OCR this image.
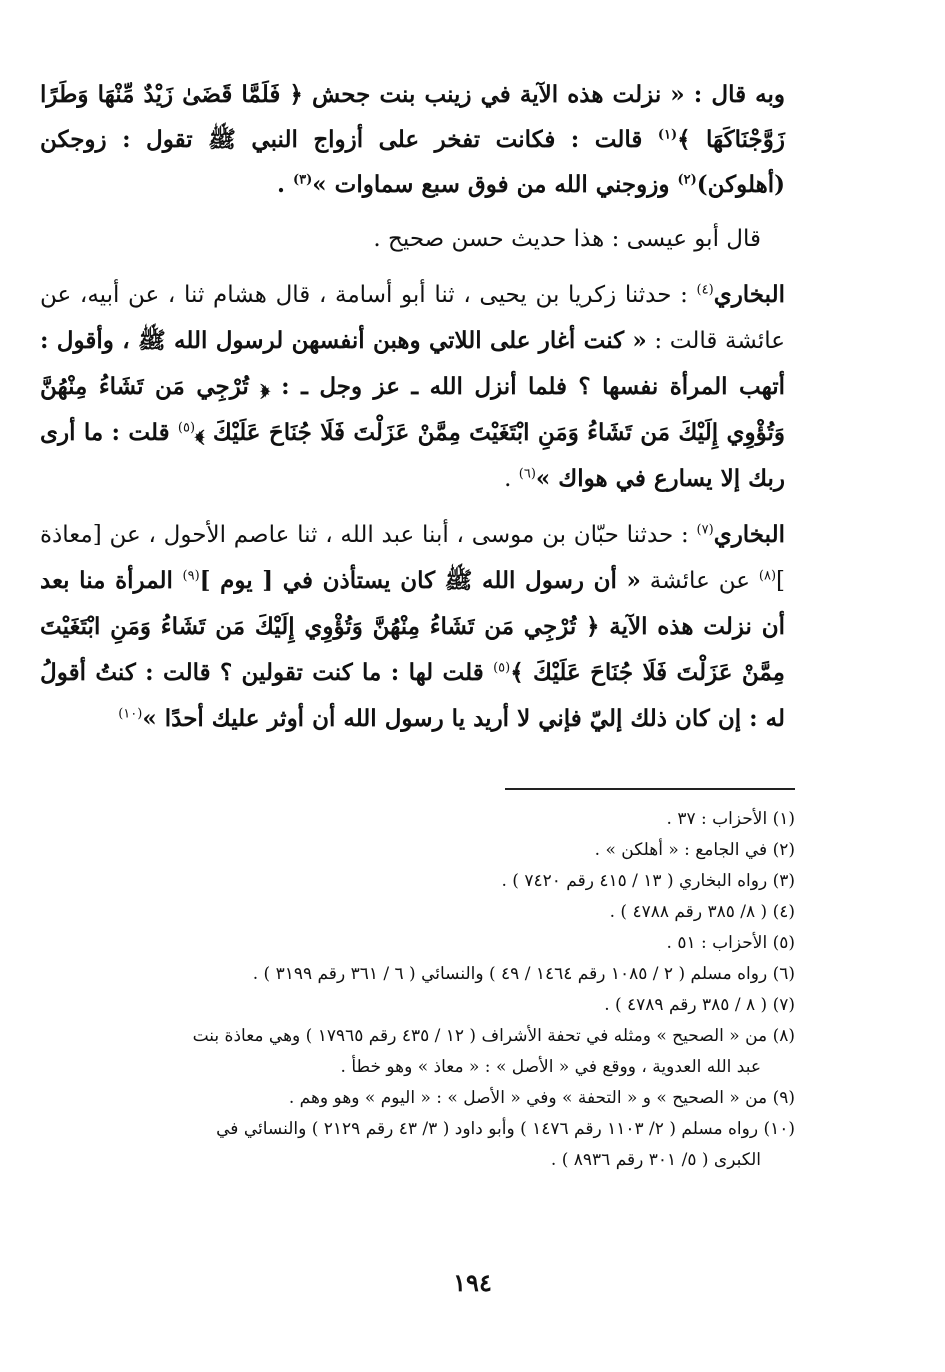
وبه قال : « نزلت هذه الآية في زينب بنت جحش ﴿ فَلَمَّا قَضَىٰ زَيْدٌ مِّنْهَا وَطَرًا زَوَّجْنَاكَهَا ﴾$^{(١)}$ قالت : فكانت تفخر على أزواج النبي ﷺ تقول : زوجكن (أهلوكن)$^{(٢)}$ وزوجني الله من فوق سبع سماوات »$^{(٣)}$ .

قال أبو عيسى : هذا حديث حسن صحيح .

البخاري$^{(٤)}$ : حدثنا زكريا بن يحيى ، ثنا أبو أسامة ، قال هشام ثنا ، عن أبيه، عن عائشة قالت : « كنت أغار على اللاتي وهبن أنفسهن لرسول الله ﷺ ، وأقول : أتهب المرأة نفسها ؟ فلما أنزل الله ـ عز وجل ـ : ﴿ تُرْجِي مَن تَشَاءُ مِنْهُنَّ وَتُؤْوِي إِلَيْكَ مَن تَشَاءُ وَمَنِ ابْتَغَيْتَ مِمَّنْ عَزَلْتَ فَلَا جُنَاحَ عَلَيْكَ ﴾$^{(٥)}$ قلت : ما أرى ربك إلا يسارع في هواك »$^{(٦)}$ .

البخاري$^{(٧)}$ : حدثنا حبّان بن موسى ، أبنا عبد الله ، ثنا عاصم الأحول ، عن [معاذة ]$^{(٨)}$ عن عائشة « أن رسول الله ﷺ كان يستأذن في [ يوم ]$^{(٩)}$ المرأة منا بعد أن نزلت هذه الآية ﴿ تُرْجِي مَن تَشَاءُ مِنْهُنَّ وَتُؤْوِي إِلَيْكَ مَن تَشَاءُ وَمَنِ ابْتَغَيْتَ مِمَّنْ عَزَلْتَ فَلَا جُنَاحَ عَلَيْكَ ﴾$^{(٥)}$ قلت لها : ما كنت تقولين ؟ قالت : كنتُ أقولُ له : إن كان ذلك إليّ فإني لا أريد يا رسول الله أن أوثر عليك أحدًا »$^{(١٠)}$

(١) الأحزاب : ٣٧ .

(٢) في الجامع : « أهلكن » .

(٣) رواه البخاري ( ١٣ / ٤١٥ رقم ٧٤٢٠ ) .

(٤) ( ٨/ ٣٨٥ رقم ٤٧٨٨ ) .

(٥) الأحزاب : ٥١ .

(٦) رواه مسلم ( ٢ / ١٠٨٥ رقم ١٤٦٤ / ٤٩ ) والنسائي ( ٦ / ٣٦١ رقم ٣١٩٩ ) .

(٧) ( ٨ / ٣٨٥ رقم ٤٧٨٩ ) .

(٨) من « الصحيح » ومثله في تحفة الأشراف ( ١٢ / ٤٣٥ رقم ١٧٩٦٥ ) وهي معاذة بنت
عبد الله العدوية ، ووقع في « الأصل » : « معاذ » وهو خطأ .

(٩) من « الصحيح » و « التحفة » وفي « الأصل » : « اليوم » وهو وهم .

(١٠) رواه مسلم ( ٢/ ١١٠٣ رقم ١٤٧٦ ) وأبو داود ( ٣/ ٤٣ رقم ٢١٢٩ ) والنسائي في
الكبرى ( ٥/ ٣٠١ رقم ٨٩٣٦ ) .

١٩٤
